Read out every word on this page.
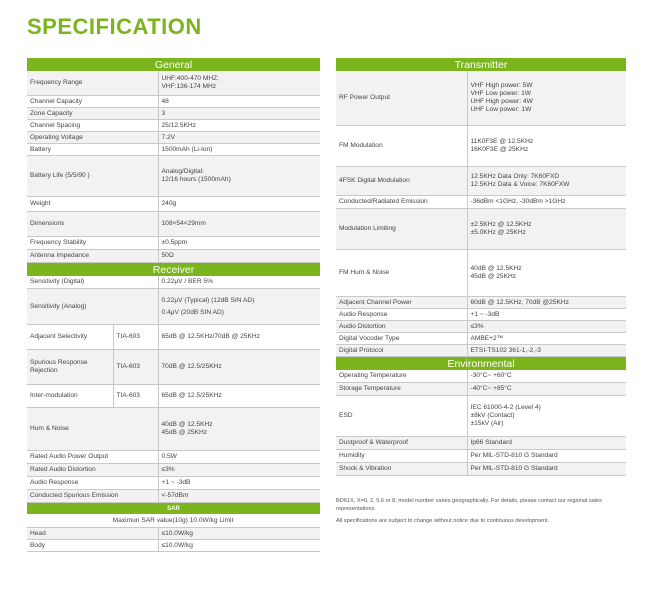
SPECIFICATION
General	
Frequency Range	UHF:400-470 MHZ;
VHF:136-174 MHz

Channel Capacity	48
Zone Capacity	3
Channel Spacing	25/12.5KHz
Operating Voltage	7.2V
Battery	1500mAh (Li-Ion)
Battery Life (5/5/90 )	Analog/Digital:
12/16 hours (1500mAh)

Weight	240g
Dimensions	108×54×29mm
Frequency Stability	±0.5ppm
Antenna Impedance	50Ω
Receiver		
Sensitivity (Digital)		0.22μV / BER 5%
Sensitivity (Analog)		0.22μV (Typical) (12dB SIN AD)
0.4μV (20dB SIN AD)

Adjacent Selectivity	TIA-603	65dB @ 12.5KHz/70dB @ 25KHz
Spurious Response Rejection	TIA-603	70dB @ 12.5/25KHz
Inter-modulation	TIA-603	65dB @ 12.5/25KHz
Hum & Noise		40dB @ 12.5KHz
45dB @ 25KHz

Rated Audio Power Output		0.5W
Rated Audio Distortion		≤3%
Audio Response		+1 ~ -3dB
Conducted Spurious Emission		<-57dBm
SAR	
Maximun SAR value(10g) 10.0W/kg Limit	
Head	≤10.0W/kg
Body	≤10.0W/kg
Transmitter	
RF Power Output	VHF High power: 5W
VHF Low power: 1W
UHF High power: 4W
UHF Low power: 1W

FM Modulation	11K0F3E @ 12.5KHz
16K0F3E @ 25KHz

4FSK Digital Modulation	12.5KHz Data Only: 7K60FXD
12.5KHz Data & Voice: 7K60FXW

Conducted/Radiated Emission	-36dBm <1GHz, -30dBm >1GHz
Modulation Limiting	±2.5KHz @ 12.5KHz
±5.0KHz @ 25KHz

FM Hum & Noise	40dB @ 12.5KHz
45dB @ 25KHz

Adjacent Channel Power	60dB @ 12.5KHz, 70dB @25KHz
Audio Response	+1 ~ -3dB
Audio Distortion	≤3%
Digital Vocoder Type	AMBE+2™
Digital Protocol	ETSI-TS102 361-1,-2,-3
Environmental	
Operating Temperature	-30°C~ +60°C
Storage Temperature	-40°C~ +85°C
ESD	IEC 61000-4-2 (Level 4)
±8kV (Contact)
±15kV (Air)

Dustproof & Waterproof	Ip66 Standard
Humidity	Per MIL-STD-810 G Standard
Shock & Vibration	Per MIL-STD-810 G Standard

BD61X, X=0, 2, 5,6 or 8, model number varies geographically. For details, please contact our regional sales representatives.

All specifications are subject to change without notice due to continuous development.
